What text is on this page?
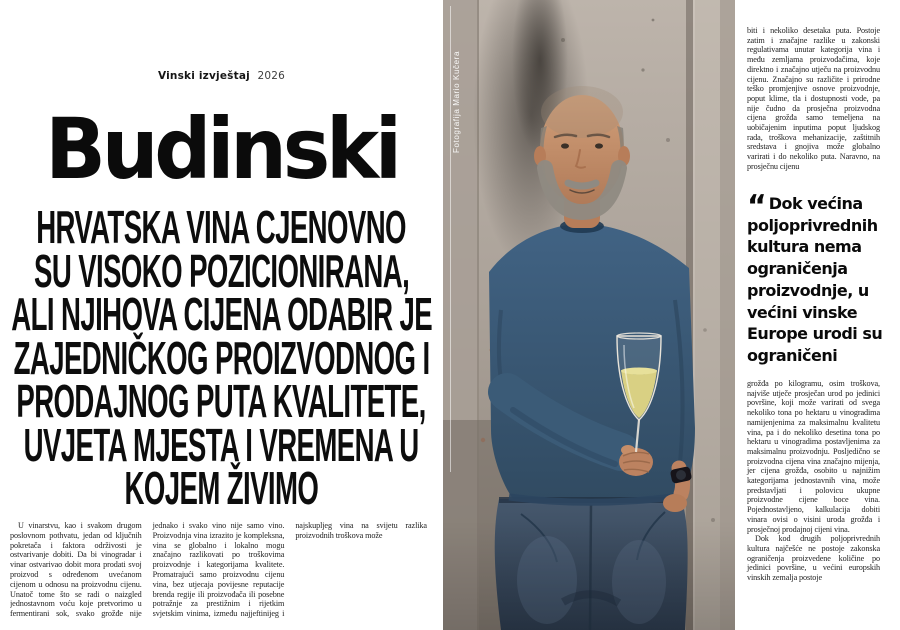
Vinski izvještaj 2026
Budinski
HRVATSKA VINA CJENOVNO
SU VISOKO POZICIONIRANA,
ALI NJIHOVA CIJENA ODABIR JE
ZAJEDNIČKOG PROIZVODNOG I
PRODAJNOG PUTA KVALITETE,
UVJETA MJESTA I VREMENA U
KOJEM ŽIVIMO

U vinarstvu, kao i svakom drugom poslovnom pothvatu, jedan od ključnih pokretača i faktora održivosti je ostvarivanje dobiti. Da bi vinogradar i vinar ostvarivao dobit mora prodati svoj proizvod s određenom uvećanom cijenom u odnosu na proizvodnu cijenu. Unatoč tome što se radi o naizgled jednostavnom voću koje pretvorimo u fermentirani sok, svako grožđe nije jednako i svako vino nije samo vino. Proizvodnja vina izrazito je kompleksna, vina se globalno i lokalno mogu značajno razlikovati po troškovima proizvodnje i kategorijama kvalitete. Promatrajući samo proizvodnu cijenu vina, bez utjecaja povijesne reputacije brenda regije ili proizvođača ili posebne potražnje za prestižnim i rijetkim svjetskim vinima, između najjeftinijeg i najskupljeg vina na svijetu razlika proizvodnih troškova može

Fotografija Mario Kučera

biti i nekoliko desetaka puta. Postoje zatim i značajne razlike u zakonski regulativama unutar kategorija vina i među zemljama proizvođačima, koje direktno i značajno utječu na proizvodnu cijenu. Značajno su različite i prirodne teško promjenjive osnove proizvodnje, poput klime, tla i dostupnosti vode, pa nije čudno da prosječna proizvodna cijena grožđa samo temeljena na uobičajenim inputima poput ljudskog rada, troškova mehanizacije, zaštitnih sredstava i gnojiva može globalno varirati i do nekoliko puta. Naravno, na prosječnu cijenu

“ Dok većina
poljoprivrednih
kultura nema
ograničenja
proizvodnje, u
većini vinske
Europe urodi su
ograničeni

grožđa po kilogramu, osim troškova, najviše utječe prosječan urod po jedinici površine, koji može varirati od svega nekoliko tona po hektaru u vinogradima namijenjenima za maksimalnu kvalitetu vina, pa i do nekoliko desetina tona po hektaru u vinogradima postavljenima za maksimalnu proizvodnju. Posljedično se proizvodna cijena vina značajno mijenja, jer cijena grožđa, osobito u najnižim kategorijama jednostavnih vina, može predstavljati i polovicu ukupne proizvodne cijene boce vina. Pojednostavljeno, kalkulacija dobiti vinara ovisi o visini uroda grožđa i prosječnoj prodajnoj cijeni vina.

Dok kod drugih poljoprivrednih kultura najčešće ne postoje zakonska ograničenja proizvedene količine po jedinici površine, u većini europskih vinskih zemalja postoje
